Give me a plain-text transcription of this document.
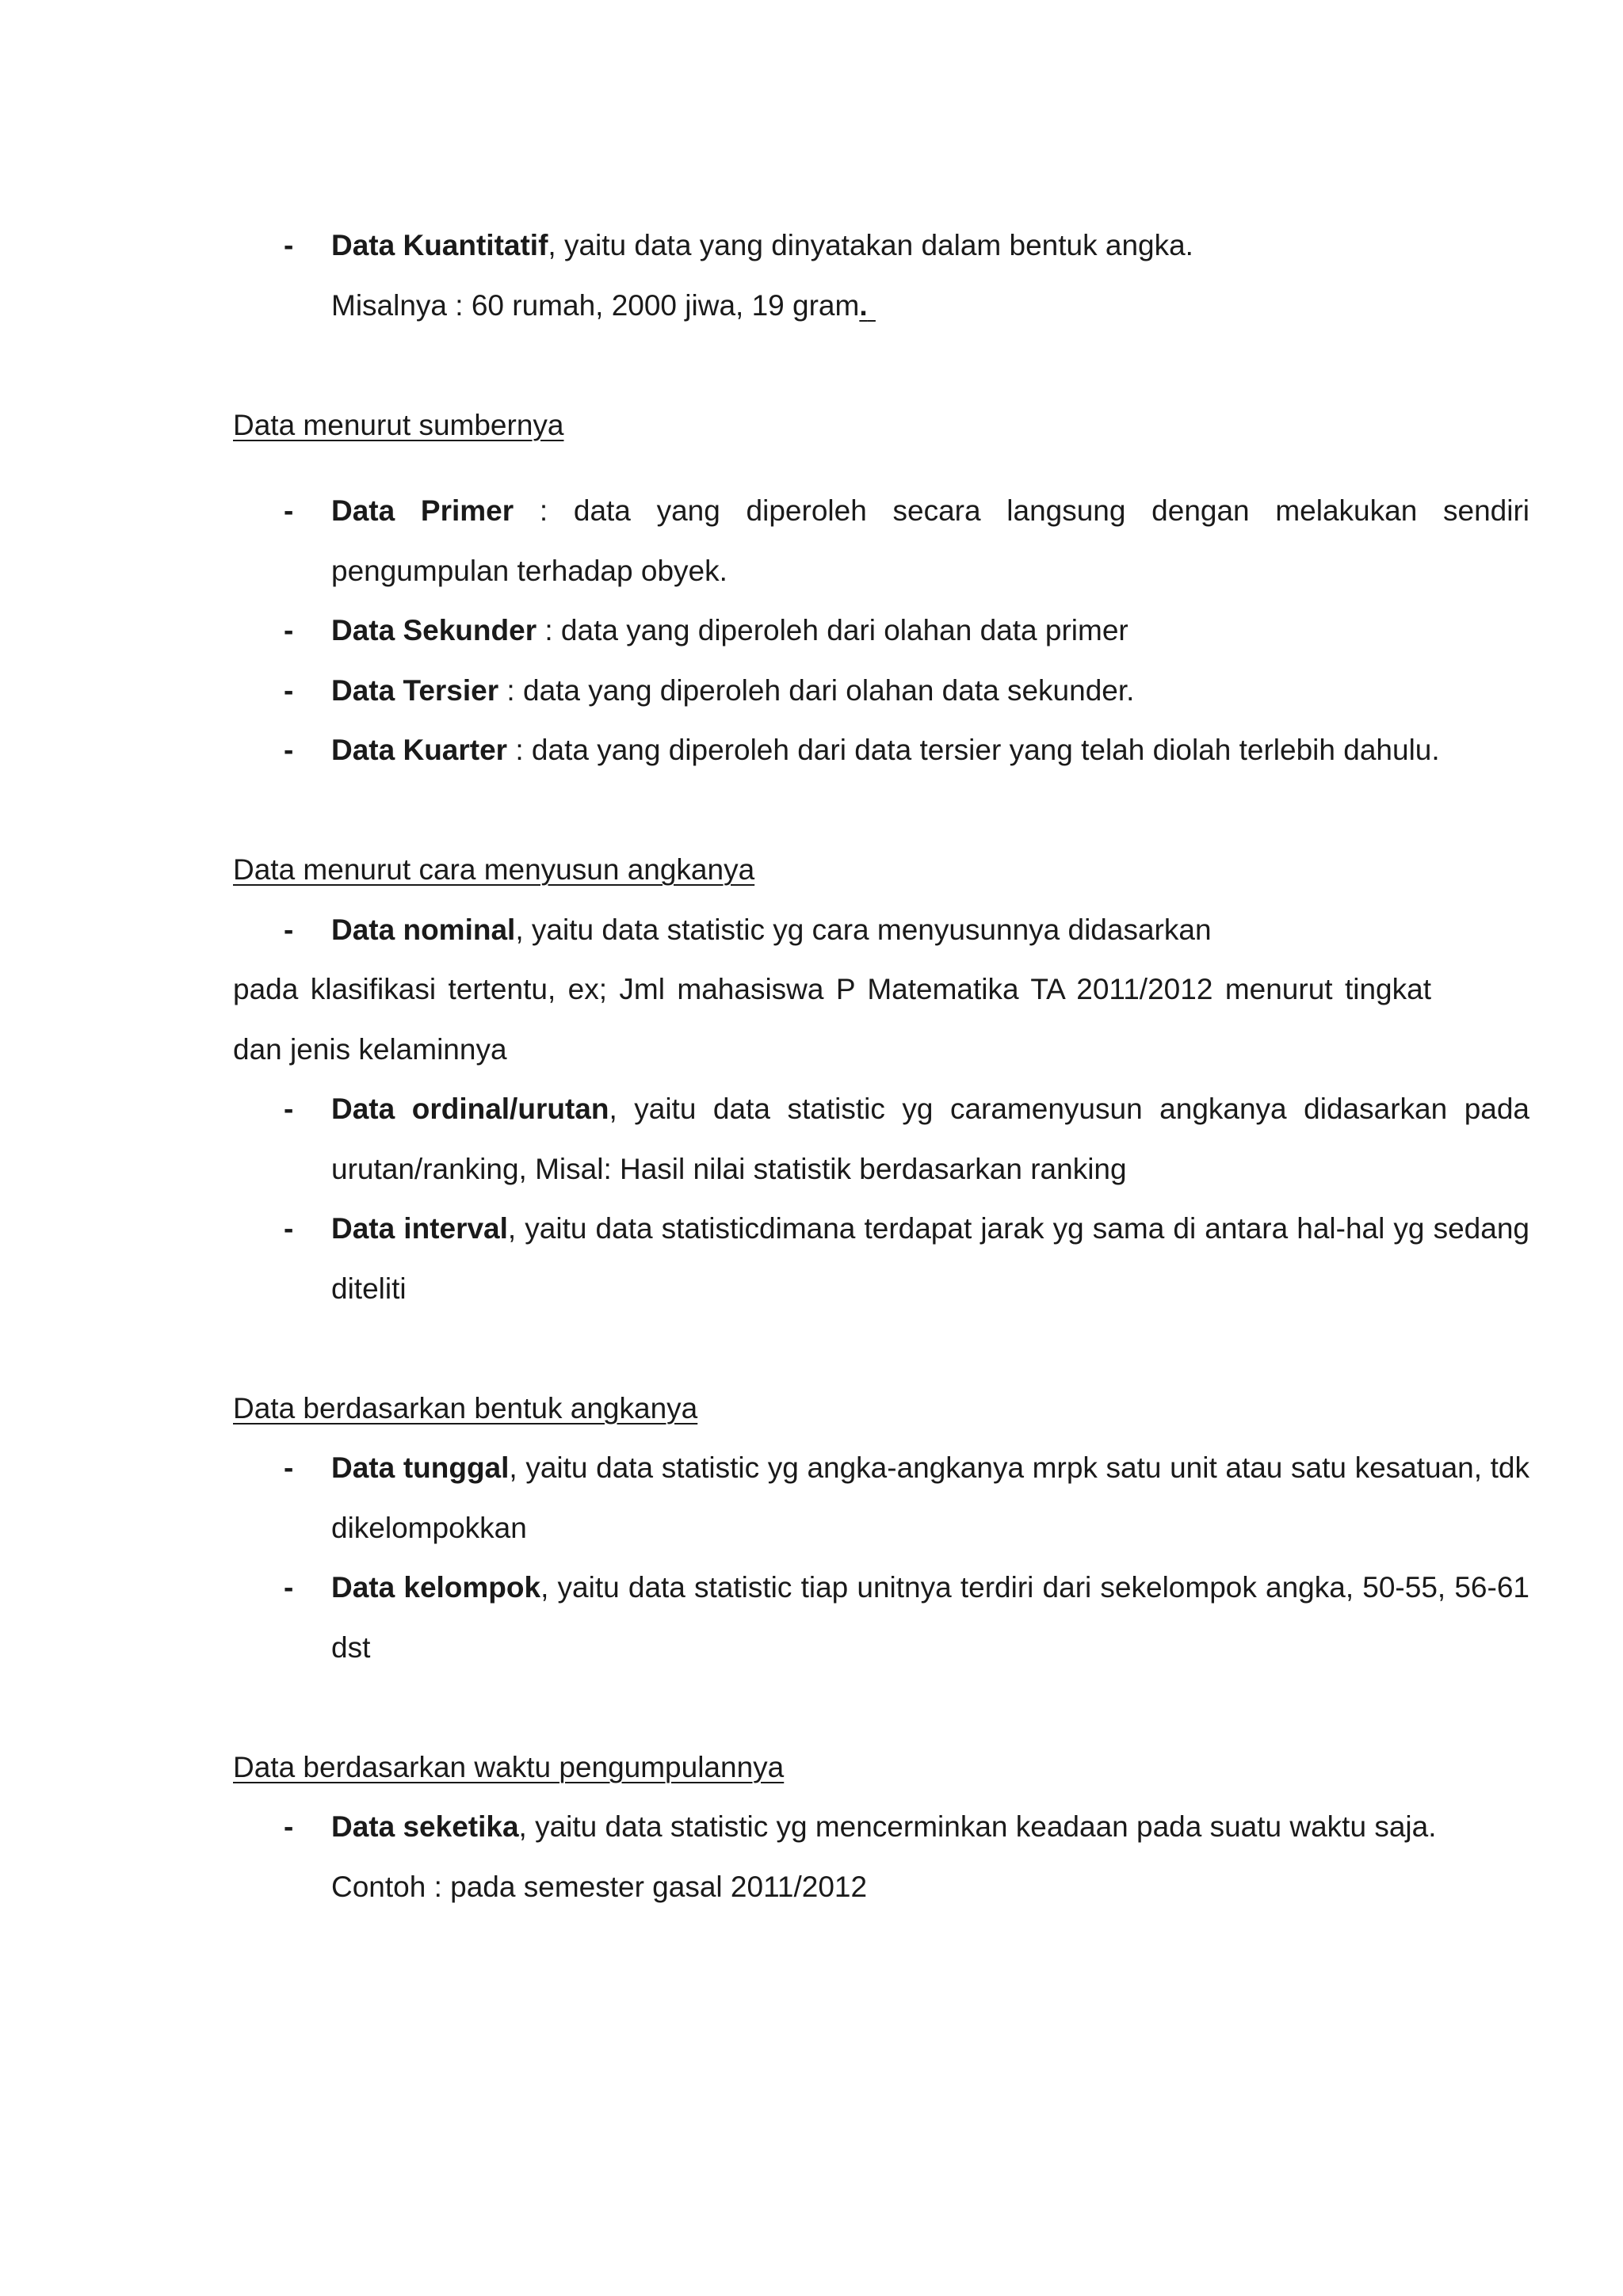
- Data Kuantitatif, yaitu data yang dinyatakan dalam bentuk angka.
Misalnya : 60 rumah, 2000 jiwa, 19 gram.
Data menurut sumbernya
- Data Primer : data yang diperoleh secara langsung dengan melakukan sendiri pengumpulan terhadap obyek.
- Data Sekunder : data yang diperoleh dari olahan data primer
- Data Tersier : data yang diperoleh dari olahan data sekunder.
- Data Kuarter : data yang diperoleh dari data tersier yang telah diolah terlebih dahulu.
Data menurut cara menyusun angkanya
- Data nominal, yaitu data statistic yg cara menyusunnya didasarkan
pada klasifikasi tertentu, ex; Jml mahasiswa P Matematika TA 2011/2012 menurut tingkat dan jenis kelaminnya
- Data ordinal/urutan, yaitu data statistic yg caramenyusun angkanya didasarkan pada urutan/ranking, Misal: Hasil nilai statistik berdasarkan ranking
- Data interval, yaitu data statisticdimana terdapat jarak yg sama di antara hal-hal yg sedang diteliti
Data berdasarkan bentuk angkanya
- Data tunggal, yaitu data statistic yg angka-angkanya mrpk satu unit atau satu kesatuan, tdk dikelompokkan
- Data kelompok, yaitu data statistic tiap unitnya terdiri dari sekelompok angka, 50-55, 56-61 dst
Data berdasarkan waktu pengumpulannya
- Data seketika, yaitu data statistic yg mencerminkan keadaan pada suatu waktu saja.
Contoh : pada semester gasal 2011/2012
